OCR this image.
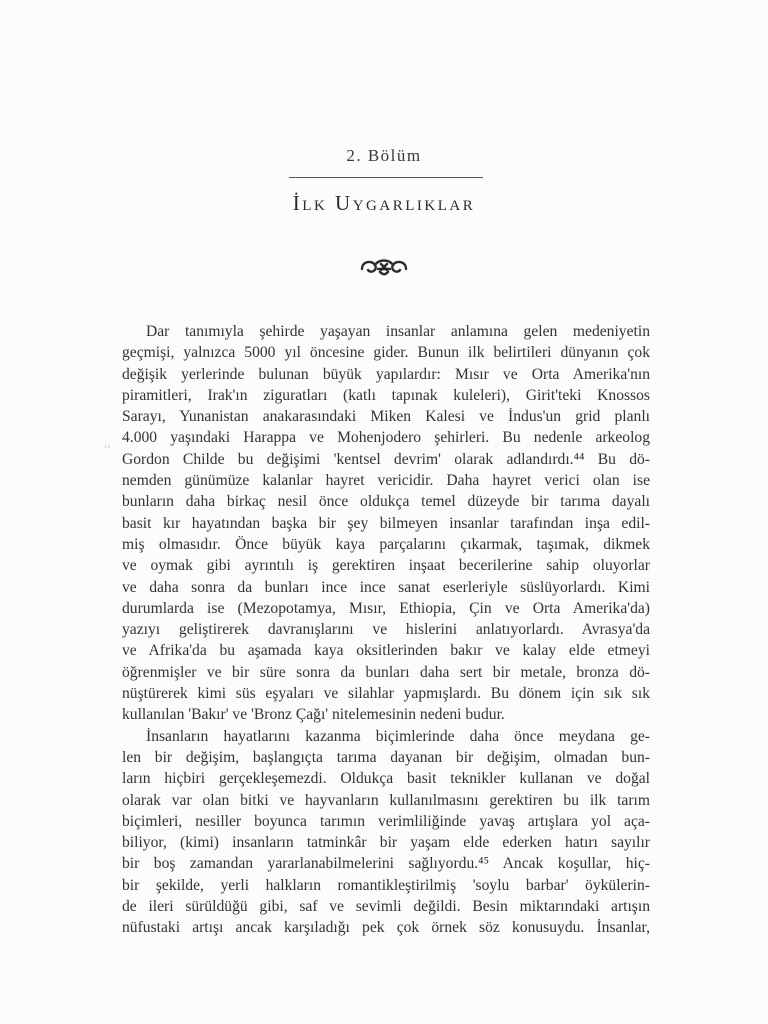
2. Bölüm
İlk Uygarlıklar
‹‹
Dar tanımıyla şehirde yaşayan insanlar anlamına gelen medeniyetin
geçmişi, yalnızca 5000 yıl öncesine gider. Bunun ilk belirtileri dünyanın çok
değişik yerlerinde bulunan büyük yapılardır: Mısır ve Orta Amerika'nın
piramitleri, Irak'ın ziguratları (katlı tapınak kuleleri), Girit'teki Knossos
Sarayı, Yunanistan anakarasındaki Miken Kalesi ve İndus'un grid planlı
4.000 yaşındaki Harappa ve Mohenjodero şehirleri. Bu nedenle arkeolog
Gordon Childe bu değişimi 'kentsel devrim' olarak adlandırdı.⁴⁴ Bu dö-
nemden günümüze kalanlar hayret vericidir. Daha hayret verici olan ise
bunların daha birkaç nesil önce oldukça temel düzeyde bir tarıma dayalı
basit kır hayatından başka bir şey bilmeyen insanlar tarafından inşa edil-
miş olmasıdır. Önce büyük kaya parçalarını çıkarmak, taşımak, dikmek
ve oymak gibi ayrıntılı iş gerektiren inşaat becerilerine sahip oluyorlar
ve daha sonra da bunları ince ince sanat eserleriyle süslüyorlardı. Kimi
durumlarda ise (Mezopotamya, Mısır, Ethiopia, Çin ve Orta Amerika'da)
yazıyı geliştirerek davranışlarını ve hislerini anlatıyorlardı. Avrasya'da
ve Afrika'da bu aşamada kaya oksitlerinden bakır ve kalay elde etmeyi
öğrenmişler ve bir süre sonra da bunları daha sert bir metale, bronza dö-
nüştürerek kimi süs eşyaları ve silahlar yapmışlardı. Bu dönem için sık sık
kullanılan 'Bakır' ve 'Bronz Çağı' nitelemesinin nedeni budur.
İnsanların hayatlarını kazanma biçimlerinde daha önce meydana ge-
len bir değişim, başlangıçta tarıma dayanan bir değişim, olmadan bun-
ların hiçbiri gerçekleşemezdi. Oldukça basit teknikler kullanan ve doğal
olarak var olan bitki ve hayvanların kullanılmasını gerektiren bu ilk tarım
biçimleri, nesiller boyunca tarımın verimliliğinde yavaş artışlara yol aça-
biliyor, (kimi) insanların tatminkâr bir yaşam elde ederken hatırı sayılır
bir boş zamandan yararlanabilmelerini sağlıyordu.⁴⁵ Ancak koşullar, hiç-
bir şekilde, yerli halkların romantikleştirilmiş 'soylu barbar' öykülerin-
de ileri sürüldüğü gibi, saf ve sevimli değildi. Besin miktarındaki artışın
nüfustaki artışı ancak karşıladığı pek çok örnek söz konusuydu. İnsanlar,
